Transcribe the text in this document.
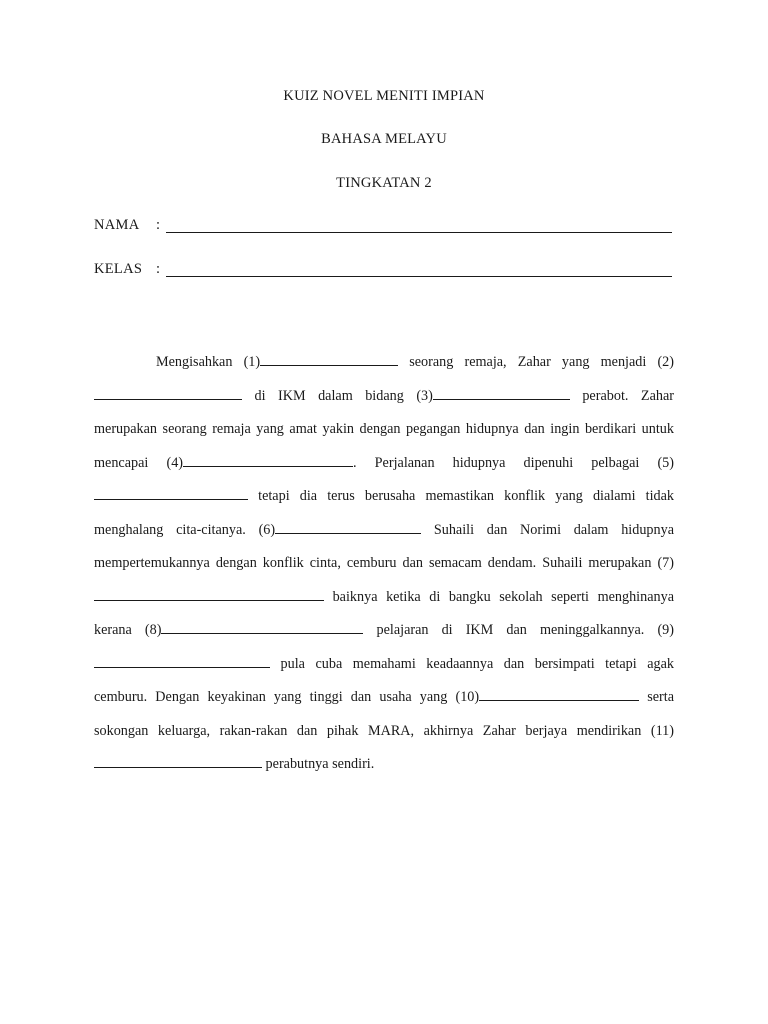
KUIZ NOVEL MENITI IMPIAN
BAHASA MELAYU
TINGKATAN 2
NAMA :
KELAS :

Mengisahkan (1)	seorang remaja, Zahar yang menjadi (2) di IKM dalam bidang (3)	perabot. Zahar merupakan seorang remaja yang amat yakin dengan pegangan hidupnya dan ingin berdikari untuk mencapai (4)	. Perjalanan hidupnya dipenuhi pelbagai (5) tetapi dia terus berusaha memastikan konflik yang dialami tidak menghalang cita-citanya. (6)	Suhaili dan Norimi dalam hidupnya mempertemukannya dengan konflik cinta, cemburu dan semacam dendam. Suhaili merupakan (7) baiknya ketika di bangku sekolah seperti menghinanya kerana (8)	pelajaran di IKM dan meninggalkannya. (9) pula cuba memahami keadaannya dan bersimpati tetapi agak cemburu. Dengan keyakinan yang tinggi dan usaha yang (10)	serta sokongan keluarga, rakan-rakan dan pihak MARA, akhirnya Zahar berjaya mendirikan (11) perabutnya sendiri.
